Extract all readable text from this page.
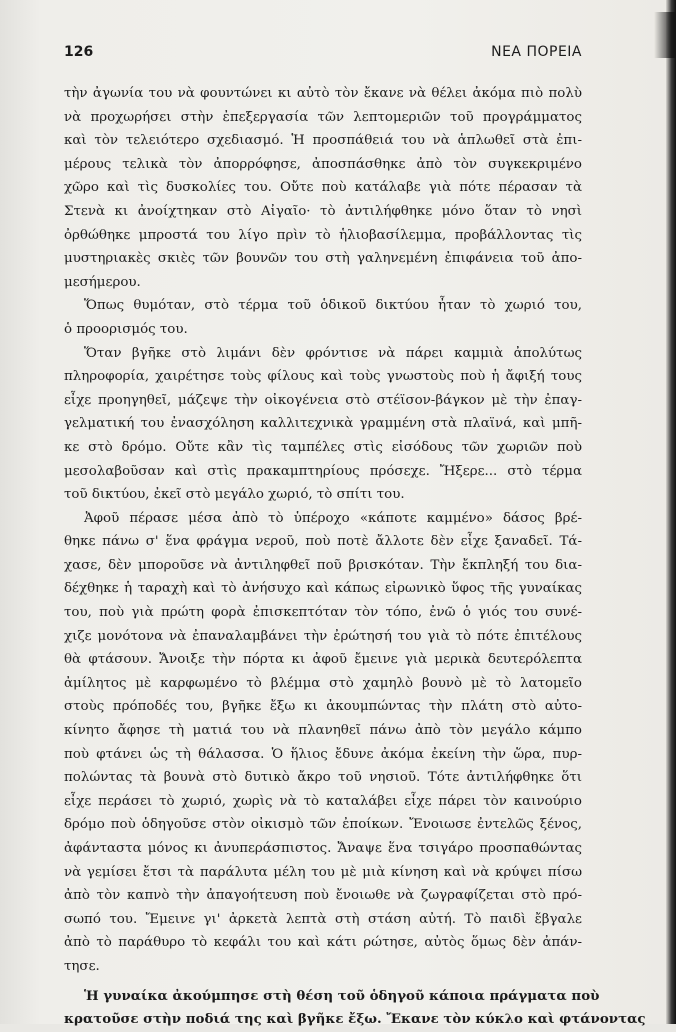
126	ΝΕΑ ΠΟΡΕΙΑ
τὴν ἀγωνία του νὰ φουντώνει κι αὐτὸ τὸν ἔκανε νὰ θέλει ἀκόμα πιὸ πολὺ
νὰ προχωρήσει στὴν ἐπεξεργασία τῶν λεπτομεριῶν τοῦ προγράμματος
καὶ τὸν τελειότερο σχεδιασμό. Ἡ προσπάθειά του νὰ ἁπλωθεῖ στὰ ἐπι-
μέρους τελικὰ τὸν ἀπορρόφησε, ἀποσπάσθηκε ἀπὸ τὸν συγκεκριμένο
χῶρο καὶ τὶς δυσκολίες του. Οὔτε ποὺ κατάλαβε γιὰ πότε πέρασαν τὰ
Στενὰ κι ἀνοίχτηκαν στὸ Αἰγαῖο· τὸ ἀντιλήφθηκε μόνο ὅταν τὸ νησὶ
ὀρθώθηκε μπροστά του λίγο πρὶν τὸ ἡλιοβασίλεμμα, προβάλλοντας τὶς
μυστηριακὲς σκιὲς τῶν βουνῶν του στὴ γαληνεμένη ἐπιφάνεια τοῦ ἀπο-
μεσήμερου.
Ὅπως θυμόταν, στὸ τέρμα τοῦ ὁδικοῦ δικτύου ἦταν τὸ χωριό του,
ὁ προορισμός του.
Ὅταν βγῆκε στὸ λιμάνι δὲν φρόντισε νὰ πάρει καμμιὰ ἀπολύτως
πληροφορία, χαιρέτησε τοὺς φίλους καὶ τοὺς γνωστοὺς ποὺ ἡ ἄφιξή τους
εἶχε προηγηθεῖ, μάζεψε τὴν οἰκογένεια στὸ στέϊσον-βάγκον μὲ τὴν ἐπαγ-
γελματική του ἐνασχόληση καλλιτεχνικὰ γραμμένη στὰ πλαϊνά, καὶ μπῆ-
κε στὸ δρόμο. Οὔτε κἂν τὶς ταμπέλες στὶς εἰσόδους τῶν χωριῶν ποὺ
μεσολαβοῦσαν καὶ στὶς πρακαμπτηρίους πρόσεχε. Ἤξερε... στὸ τέρμα
τοῦ δικτύου, ἐκεῖ στὸ μεγάλο χωριό, τὸ σπίτι του.
Ἀφοῦ πέρασε μέσα ἀπὸ τὸ ὑπέροχο «κάποτε καμμένο» δάσος βρέ-
θηκε πάνω σ' ἕνα φράγμα νεροῦ, ποὺ ποτὲ ἄλλοτε δὲν εἶχε ξαναδεῖ. Τά-
χασε, δὲν μποροῦσε νὰ ἀντιληφθεῖ ποῦ βρισκόταν. Τὴν ἔκπληξή του δια-
δέχθηκε ἡ ταραχὴ καὶ τὸ ἀνήσυχο καὶ κάπως εἰρωνικὸ ὕφος τῆς γυναίκας
του, ποὺ γιὰ πρώτη φορὰ ἐπισκεπτόταν τὸν τόπο, ἐνῶ ὁ γιός του συνέ-
χιζε μονότονα νὰ ἐπαναλαμβάνει τὴν ἐρώτησή του γιὰ τὸ πότε ἐπιτέλους
θὰ φτάσουν. Ἄνοιξε τὴν πόρτα κι ἀφοῦ ἔμεινε γιὰ μερικὰ δευτερόλεπτα
ἀμίλητος μὲ καρφωμένο τὸ βλέμμα στὸ χαμηλὸ βουνὸ μὲ τὸ λατομεῖο
στοὺς πρόποδές του, βγῆκε ἔξω κι ἀκουμπώντας τὴν πλάτη στὸ αὐτο-
κίνητο ἄφησε τὴ ματιά του νὰ πλανηθεῖ πάνω ἀπὸ τὸν μεγάλο κάμπο
ποὺ φτάνει ὡς τὴ θάλασσα. Ὁ ἥλιος ἔδυνε ἀκόμα ἐκείνη τὴν ὥρα, πυρ-
πολώντας τὰ βουνὰ στὸ δυτικὸ ἄκρο τοῦ νησιοῦ. Τότε ἀντιλήφθηκε ὅτι
εἶχε περάσει τὸ χωριό, χωρὶς νὰ τὸ καταλάβει εἶχε πάρει τὸν καινούριο
δρόμο ποὺ ὁδηγοῦσε στὸν οἰκισμὸ τῶν ἐποίκων. Ἔνοιωσε ἐντελῶς ξένος,
ἀφάνταστα μόνος κι ἀνυπεράσπιστος. Ἄναψε ἕνα τσιγάρο προσπαθώντας
νὰ γεμίσει ἔτσι τὰ παράλυτα μέλη του μὲ μιὰ κίνηση καὶ νὰ κρύψει πίσω
ἀπὸ τὸν καπνὸ τὴν ἀπαγοήτευση ποὺ ἔνοιωθε νὰ ζωγραφίζεται στὸ πρό-
σωπό του. Ἔμεινε γι' ἀρκετὰ λεπτὰ στὴ στάση αὐτή. Τὸ παιδὶ ἔβγαλε
ἀπὸ τὸ παράθυρο τὸ κεφάλι του καὶ κάτι ρώτησε, αὐτὸς ὅμως δὲν ἀπάν-
τησε.
Ἡ γυναίκα ἀκούμπησε στὴ θέση τοῦ ὁδηγοῦ κάποια πράγματα ποὺ
κρατοῦσε στὴν ποδιά της καὶ βγῆκε ἔξω. Ἔκανε τὸν κύκλο καὶ φτάνοντας
